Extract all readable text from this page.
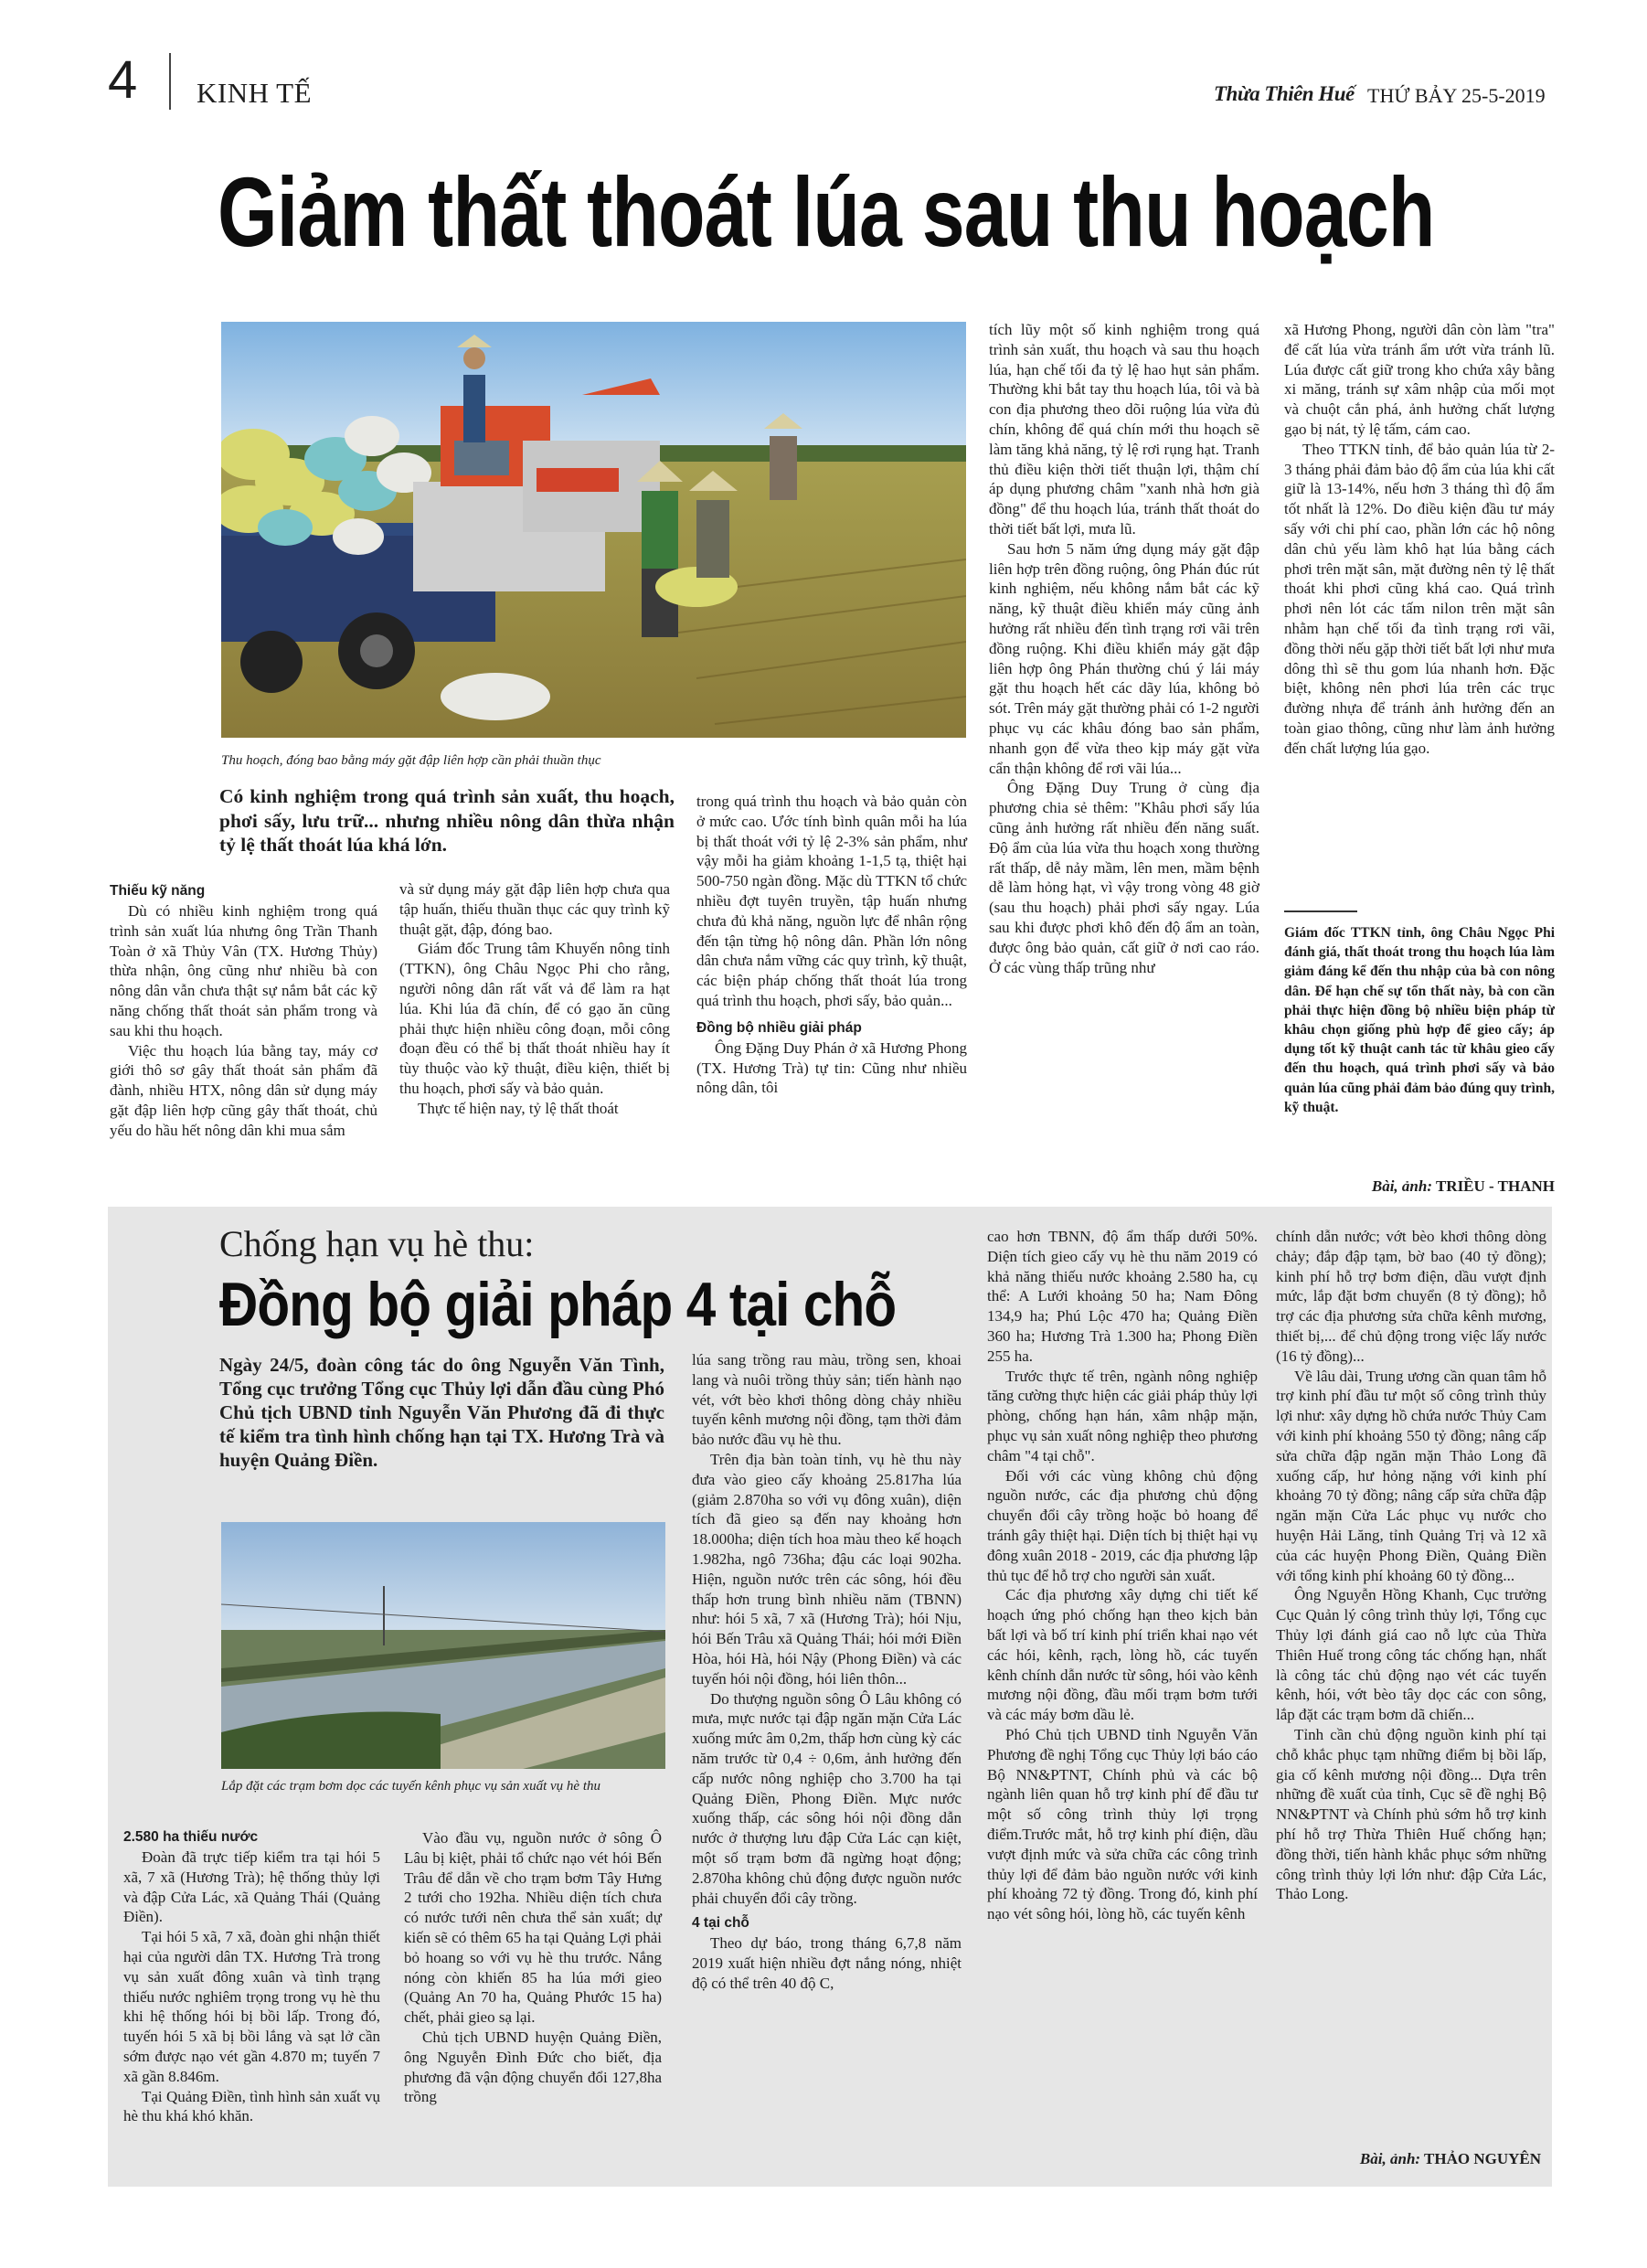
4 KINH TẾ	Thừa Thiên Huế THỨ BẢY 25-5-2019
Giảm thất thoát lúa sau thu hoạch
Thu hoạch, đóng bao bằng máy gặt đập liên hợp cần phải thuần thục
Có kinh nghiệm trong quá trình sản xuất, thu hoạch, phơi sấy, lưu trữ... nhưng nhiều nông dân thừa nhận tỷ lệ thất thoát lúa khá lớn.
Thiếu kỹ năng

Dù có nhiều kinh nghiệm trong quá trình sản xuất lúa nhưng ông Trần Thanh Toàn ở xã Thủy Vân (TX. Hương Thủy) thừa nhận, ông cũng như nhiều bà con nông dân vẫn chưa thật sự nắm bắt các kỹ năng chống thất thoát sản phẩm trong và sau khi thu hoạch.

Việc thu hoạch lúa bằng tay, máy cơ giới thô sơ gây thất thoát sản phẩm đã đành, nhiều HTX, nông dân sử dụng máy gặt đập liên hợp cũng gây thất thoát, chủ yếu do hầu hết nông dân khi mua sắm

và sử dụng máy gặt đập liên hợp chưa qua tập huấn, thiếu thuần thục các quy trình kỹ thuật gặt, đập, đóng bao.

Giám đốc Trung tâm Khuyến nông tỉnh (TTKN), ông Châu Ngọc Phi cho rằng, người nông dân rất vất vả để làm ra hạt lúa. Khi lúa đã chín, để có gạo ăn cũng phải thực hiện nhiều công đoạn, mỗi công đoạn đều có thể bị thất thoát nhiều hay ít tùy thuộc vào kỹ thuật, điều kiện, thiết bị thu hoạch, phơi sấy và bảo quản.

Thực tế hiện nay, tỷ lệ thất thoát

trong quá trình thu hoạch và bảo quản còn ở mức cao. Ước tính bình quân mỗi ha lúa bị thất thoát với tỷ lệ 2-3% sản phẩm, như vậy mỗi ha giảm khoảng 1-1,5 tạ, thiệt hại 500-750 ngàn đồng. Mặc dù TTKN tổ chức nhiều đợt tuyên truyền, tập huấn nhưng chưa đủ khả năng, nguồn lực để nhân rộng đến tận từng hộ nông dân. Phần lớn nông dân chưa nắm vững các quy trình, kỹ thuật, các biện pháp chống thất thoát lúa trong quá trình thu hoạch, phơi sấy, bảo quản...

Đồng bộ nhiều giải pháp

Ông Đặng Duy Phán ở xã Hương Phong (TX. Hương Trà) tự tin: Cũng như nhiều nông dân, tôi

tích lũy một số kinh nghiệm trong quá trình sản xuất, thu hoạch và sau thu hoạch lúa, hạn chế tối đa tỷ lệ hao hụt sản phẩm. Thường khi bắt tay thu hoạch lúa, tôi và bà con địa phương theo dõi ruộng lúa vừa đủ chín, không để quá chín mới thu hoạch sẽ làm tăng khả năng, tỷ lệ rơi rụng hạt. Tranh thủ điều kiện thời tiết thuận lợi, thậm chí áp dụng phương châm "xanh nhà hơn già đồng" để thu hoạch lúa, tránh thất thoát do thời tiết bất lợi, mưa lũ.

Sau hơn 5 năm ứng dụng máy gặt đập liên hợp trên đồng ruộng, ông Phán đúc rút kinh nghiệm, nếu không nắm bắt các kỹ năng, kỹ thuật điều khiển máy cũng ảnh hưởng rất nhiều đến tình trạng rơi vãi trên đồng ruộng. Khi điều khiển máy gặt đập liên hợp ông Phán thường chú ý lái máy gặt thu hoạch hết các dãy lúa, không bỏ sót. Trên máy gặt thường phải có 1-2 người phục vụ các khâu đóng bao sản phẩm, nhanh gọn để vừa theo kịp máy gặt vừa cẩn thận không để rơi vãi lúa...

Ông Đặng Duy Trung ở cùng địa phương chia sẻ thêm: "Khâu phơi sấy lúa cũng ảnh hưởng rất nhiều đến năng suất. Độ ẩm của lúa vừa thu hoạch xong thường rất thấp, dễ nảy mầm, lên men, mầm bệnh dễ làm hỏng hạt, vì vậy trong vòng 48 giờ (sau thu hoạch) phải phơi sấy ngay. Lúa sau khi được phơi khô đến độ ẩm an toàn, được ông bảo quản, cất giữ ở nơi cao ráo. Ở các vùng thấp trũng như

xã Hương Phong, người dân còn làm "tra" để cất lúa vừa tránh ẩm ướt vừa tránh lũ. Lúa được cất giữ trong kho chứa xây bằng xi măng, tránh sự xâm nhập của mối mọt và chuột cắn phá, ảnh hưởng chất lượng gạo bị nát, tỷ lệ tấm, cám cao.

Theo TTKN tỉnh, để bảo quản lúa từ 2- 3 tháng phải đảm bảo độ ẩm của lúa khi cất giữ là 13-14%, nếu hơn 3 tháng thì độ ẩm tốt nhất là 12%. Do điều kiện đầu tư máy sấy với chi phí cao, phần lớn các hộ nông dân chủ yếu làm khô hạt lúa bằng cách phơi trên mặt sân, mặt đường nên tỷ lệ thất thoát khi phơi cũng khá cao. Quá trình phơi nên lót các tấm nilon trên mặt sân nhằm hạn chế tối đa tình trạng rơi vãi, đồng thời nếu gặp thời tiết bất lợi như mưa dông thì sẽ thu gom lúa nhanh hơn. Đặc biệt, không nên phơi lúa trên các trục đường nhựa để tránh ảnh hưởng đến an toàn giao thông, cũng như làm ảnh hưởng đến chất lượng lúa gạo.

Giám đốc TTKN tỉnh, ông Châu Ngọc Phi đánh giá, thất thoát trong thu hoạch lúa làm giảm đáng kể đến thu nhập của bà con nông dân. Để hạn chế sự tổn thất này, bà con cần phải thực hiện đồng bộ nhiều biện pháp từ khâu chọn giống phù hợp để gieo cấy; áp dụng tốt kỹ thuật canh tác từ khâu gieo cấy đến thu hoạch, quá trình phơi sấy và bảo quản lúa cũng phải đảm bảo đúng quy trình, kỹ thuật.
Bài, ảnh: TRIỀU - THANH
Chống hạn vụ hè thu:
Đồng bộ giải pháp 4 tại chỗ
Ngày 24/5, đoàn công tác do ông Nguyễn Văn Tình, Tổng cục trưởng Tổng cục Thủy lợi dẫn đầu cùng Phó Chủ tịch UBND tỉnh Nguyễn Văn Phương đã đi thực tế kiểm tra tình hình chống hạn tại TX. Hương Trà và huyện Quảng Điền.
Lắp đặt các trạm bơm dọc các tuyến kênh phục vụ sản xuất vụ hè thu
2.580 ha thiếu nước

Đoàn đã trực tiếp kiểm tra tại hói 5 xã, 7 xã (Hương Trà); hệ thống thủy lợi và đập Cửa Lác, xã Quảng Thái (Quảng Điền).

Tại hói 5 xã, 7 xã, đoàn ghi nhận thiết hại của người dân TX. Hương Trà trong vụ sản xuất đông xuân và tình trạng thiếu nước nghiêm trọng trong vụ hè thu khi hệ thống hói bị bồi lấp. Trong đó, tuyến hói 5 xã bị bồi lắng và sạt lở cần sớm được nạo vét gần 4.870 m; tuyến 7 xã gần 8.846m.

Tại Quảng Điền, tình hình sản xuất vụ hè thu khá khó khăn.

Vào đầu vụ, nguồn nước ở sông Ô Lâu bị kiệt, phải tổ chức nạo vét hói Bến Trâu để dẫn về cho trạm bơm Tây Hưng 2 tưới cho 192ha. Nhiều diện tích chưa có nước tưới nên chưa thể sản xuất; dự kiến sẽ có thêm 65 ha tại Quảng Lợi phải bỏ hoang so với vụ hè thu trước. Nắng nóng còn khiến 85 ha lúa mới gieo (Quảng An 70 ha, Quảng Phước 15 ha) chết, phải gieo sạ lại.

Chủ tịch UBND huyện Quảng Điền, ông Nguyễn Đình Đức cho biết, địa phương đã vận động chuyển đổi 127,8ha trồng

lúa sang trồng rau màu, trồng sen, khoai lang và nuôi trồng thủy sản; tiến hành nạo vét, vớt bèo khơi thông dòng chảy nhiều tuyến kênh mương nội đồng, tạm thời đảm bảo nước đầu vụ hè thu.

Trên địa bàn toàn tỉnh, vụ hè thu này đưa vào gieo cấy khoảng 25.817ha lúa (giảm 2.870ha so với vụ đông xuân), diện tích đã gieo sạ đến nay khoảng hơn 18.000ha; diện tích hoa màu theo kế hoạch 1.982ha, ngô 736ha; đậu các loại 902ha. Hiện, nguồn nước trên các sông, hói đều thấp hơn trung bình nhiều năm (TBNN) như: hói 5 xã, 7 xã (Hương Trà); hói Nịu, hói Bến Trâu xã Quảng Thái; hói mới Điền Hòa, hói Hà, hói Nậy (Phong Điền) và các tuyến hói nội đồng, hói liên thôn...

Do thượng nguồn sông Ô Lâu không có mưa, mực nước tại đập ngăn mặn Cửa Lác xuống mức âm 0,2m, thấp hơn cùng kỳ các năm trước từ 0,4 ÷ 0,6m, ảnh hưởng đến cấp nước nông nghiệp cho 3.700 ha tại Quảng Điền, Phong Điền. Mực nước xuống thấp, các sông hói nội đồng dẫn nước ở thượng lưu đập Cửa Lác cạn kiệt, một số trạm bơm đã ngừng hoạt động; 2.870ha không chủ động được nguồn nước phải chuyển đổi cây trồng.

4 tại chỗ

Theo dự báo, trong tháng 6,7,8 năm 2019 xuất hiện nhiều đợt nắng nóng, nhiệt độ có thể trên 40 độ C,

cao hơn TBNN, độ ẩm thấp dưới 50%. Diện tích gieo cấy vụ hè thu năm 2019 có khả năng thiếu nước khoảng 2.580 ha, cụ thể: A Lưới khoảng 50 ha; Nam Đông 134,9 ha; Phú Lộc 470 ha; Quảng Điền 360 ha; Hương Trà 1.300 ha; Phong Điền 255 ha.

Trước thực tế trên, ngành nông nghiệp tăng cường thực hiện các giải pháp thủy lợi phòng, chống hạn hán, xâm nhập mặn, phục vụ sản xuất nông nghiệp theo phương châm "4 tại chỗ".

Đối với các vùng không chủ động nguồn nước, các địa phương chủ động chuyển đổi cây trồng hoặc bỏ hoang để tránh gây thiệt hại. Diện tích bị thiệt hại vụ đông xuân 2018 - 2019, các địa phương lập thủ tục để hỗ trợ cho người sản xuất.

Các địa phương xây dựng chi tiết kế hoạch ứng phó chống hạn theo kịch bản bất lợi và bố trí kinh phí triển khai nạo vét các hói, kênh, rạch, lòng hồ, các tuyến kênh chính dẫn nước từ sông, hói vào kênh mương nội đồng, đầu mối trạm bơm tưới và các máy bơm dầu lẻ.

Phó Chủ tịch UBND tỉnh Nguyễn Văn Phương đề nghị Tổng cục Thủy lợi báo cáo Bộ NN&PTNT, Chính phủ và các bộ ngành liên quan hỗ trợ kinh phí để đầu tư một số công trình thủy lợi trọng điểm.Trước mắt, hỗ trợ kinh phí điện, dầu vượt định mức và sửa chữa các công trình thủy lợi để đảm bảo nguồn nước với kinh phí khoảng 72 tỷ đồng. Trong đó, kinh phí nạo vét sông hói, lòng hồ, các tuyến kênh

chính dẫn nước; vớt bèo khơi thông dòng chảy; đắp đập tạm, bờ bao (40 tỷ đồng); kinh phí hỗ trợ bơm điện, dầu vượt định mức, lắp đặt bơm chuyển (8 tỷ đồng); hỗ trợ các địa phương sửa chữa kênh mương, thiết bị,... để chủ động trong việc lấy nước (16 tỷ đồng)...

Về lâu dài, Trung ương cần quan tâm hỗ trợ kinh phí đầu tư một số công trình thủy lợi như: xây dựng hồ chứa nước Thủy Cam với kinh phí khoảng 550 tỷ đồng; nâng cấp sửa chữa đập ngăn mặn Thảo Long đã xuống cấp, hư hỏng nặng với kinh phí khoảng 70 tỷ đồng; nâng cấp sửa chữa đập ngăn mặn Cửa Lác phục vụ nước cho huyện Hải Lăng, tỉnh Quảng Trị và 12 xã của các huyện Phong Điền, Quảng Điền với tổng kinh phí khoảng 60 tỷ đồng...

Ông Nguyễn Hồng Khanh, Cục trưởng Cục Quản lý công trình thủy lợi, Tổng cục Thủy lợi đánh giá cao nỗ lực của Thừa Thiên Huế trong công tác chống hạn, nhất là công tác chủ động nạo vét các tuyến kênh, hói, vớt bèo tây dọc các con sông, lắp đặt các trạm bơm dã chiến...

Tỉnh cần chủ động nguồn kinh phí tại chỗ khắc phục tạm những điểm bị bồi lấp, gia cố kênh mương nội đồng... Dựa trên những đề xuất của tỉnh, Cục sẽ đề nghị Bộ NN&PTNT và Chính phủ sớm hỗ trợ kinh phí hỗ trợ Thừa Thiên Huế chống hạn; đồng thời, tiến hành khắc phục sớm những công trình thủy lợi lớn như: đập Cửa Lác, Thảo Long.

Bài, ảnh: THẢO NGUYÊN
